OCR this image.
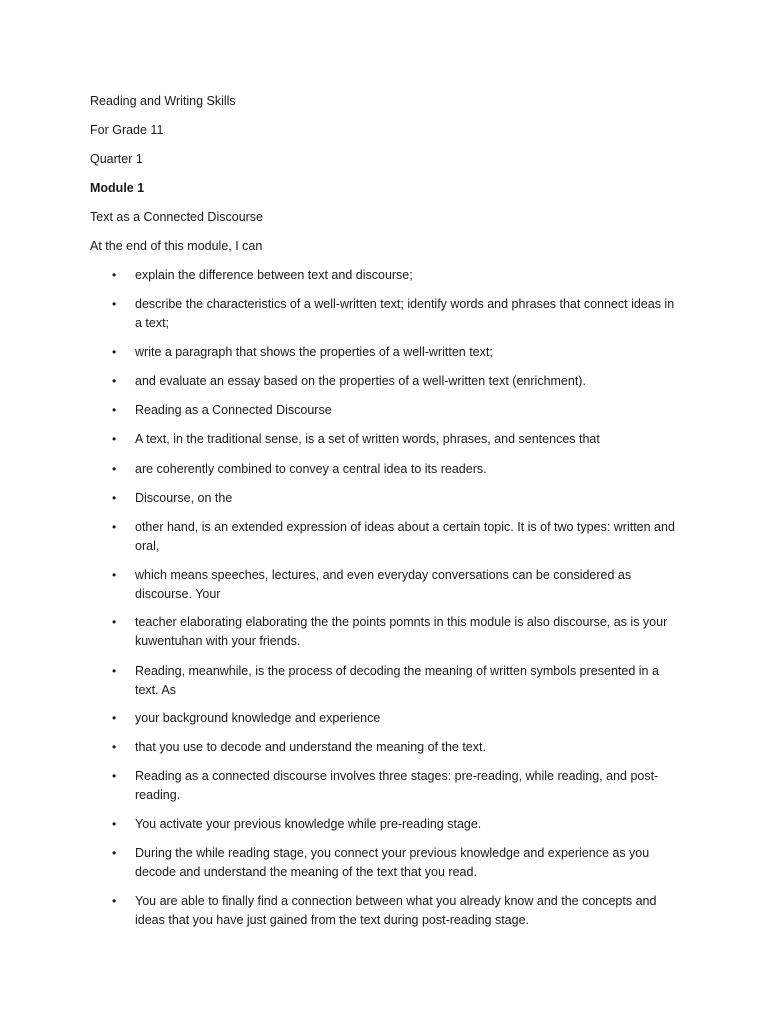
Reading and Writing Skills

For Grade 11

Quarter 1

Module 1

Text as a Connected Discourse

At the end of this module, I can

•	explain the difference between text and discourse;
•	describe the characteristics of a well-written text; identify words and phrases that connect ideas in a text;
•	write a paragraph that shows the properties of a well-written text;
•	and evaluate an essay based on the properties of a well-written text (enrichment).
•	Reading as a Connected Discourse
•	A text, in the traditional sense, is a set of written words, phrases, and sentences that
•	are coherently combined to convey a central idea to its readers.
•	Discourse, on the
•	other hand, is an extended expression of ideas about a certain topic. It is of two types: written and oral,
•	which means speeches, lectures, and even everyday conversations can be considered as discourse. Your
•	teacher elaborating elaborating the the points pomnts in this module is also discourse, as is your kuwentuhan with your friends.
•	Reading, meanwhile, is the process of decoding the meaning of written symbols presented in a text. As
•	your background knowledge and experience
•	that you use to decode and understand the meaning of the text.
•	Reading as a connected discourse involves three stages: pre-reading, while reading, and post-reading.
•	You activate your previous knowledge while pre-reading stage.
•	During the while reading stage, you connect your previous knowledge and experience as you decode and understand the meaning of the text that you read.
•	You are able to finally find a connection between what you already know and the concepts and ideas that you have just gained from the text during post-reading stage.
